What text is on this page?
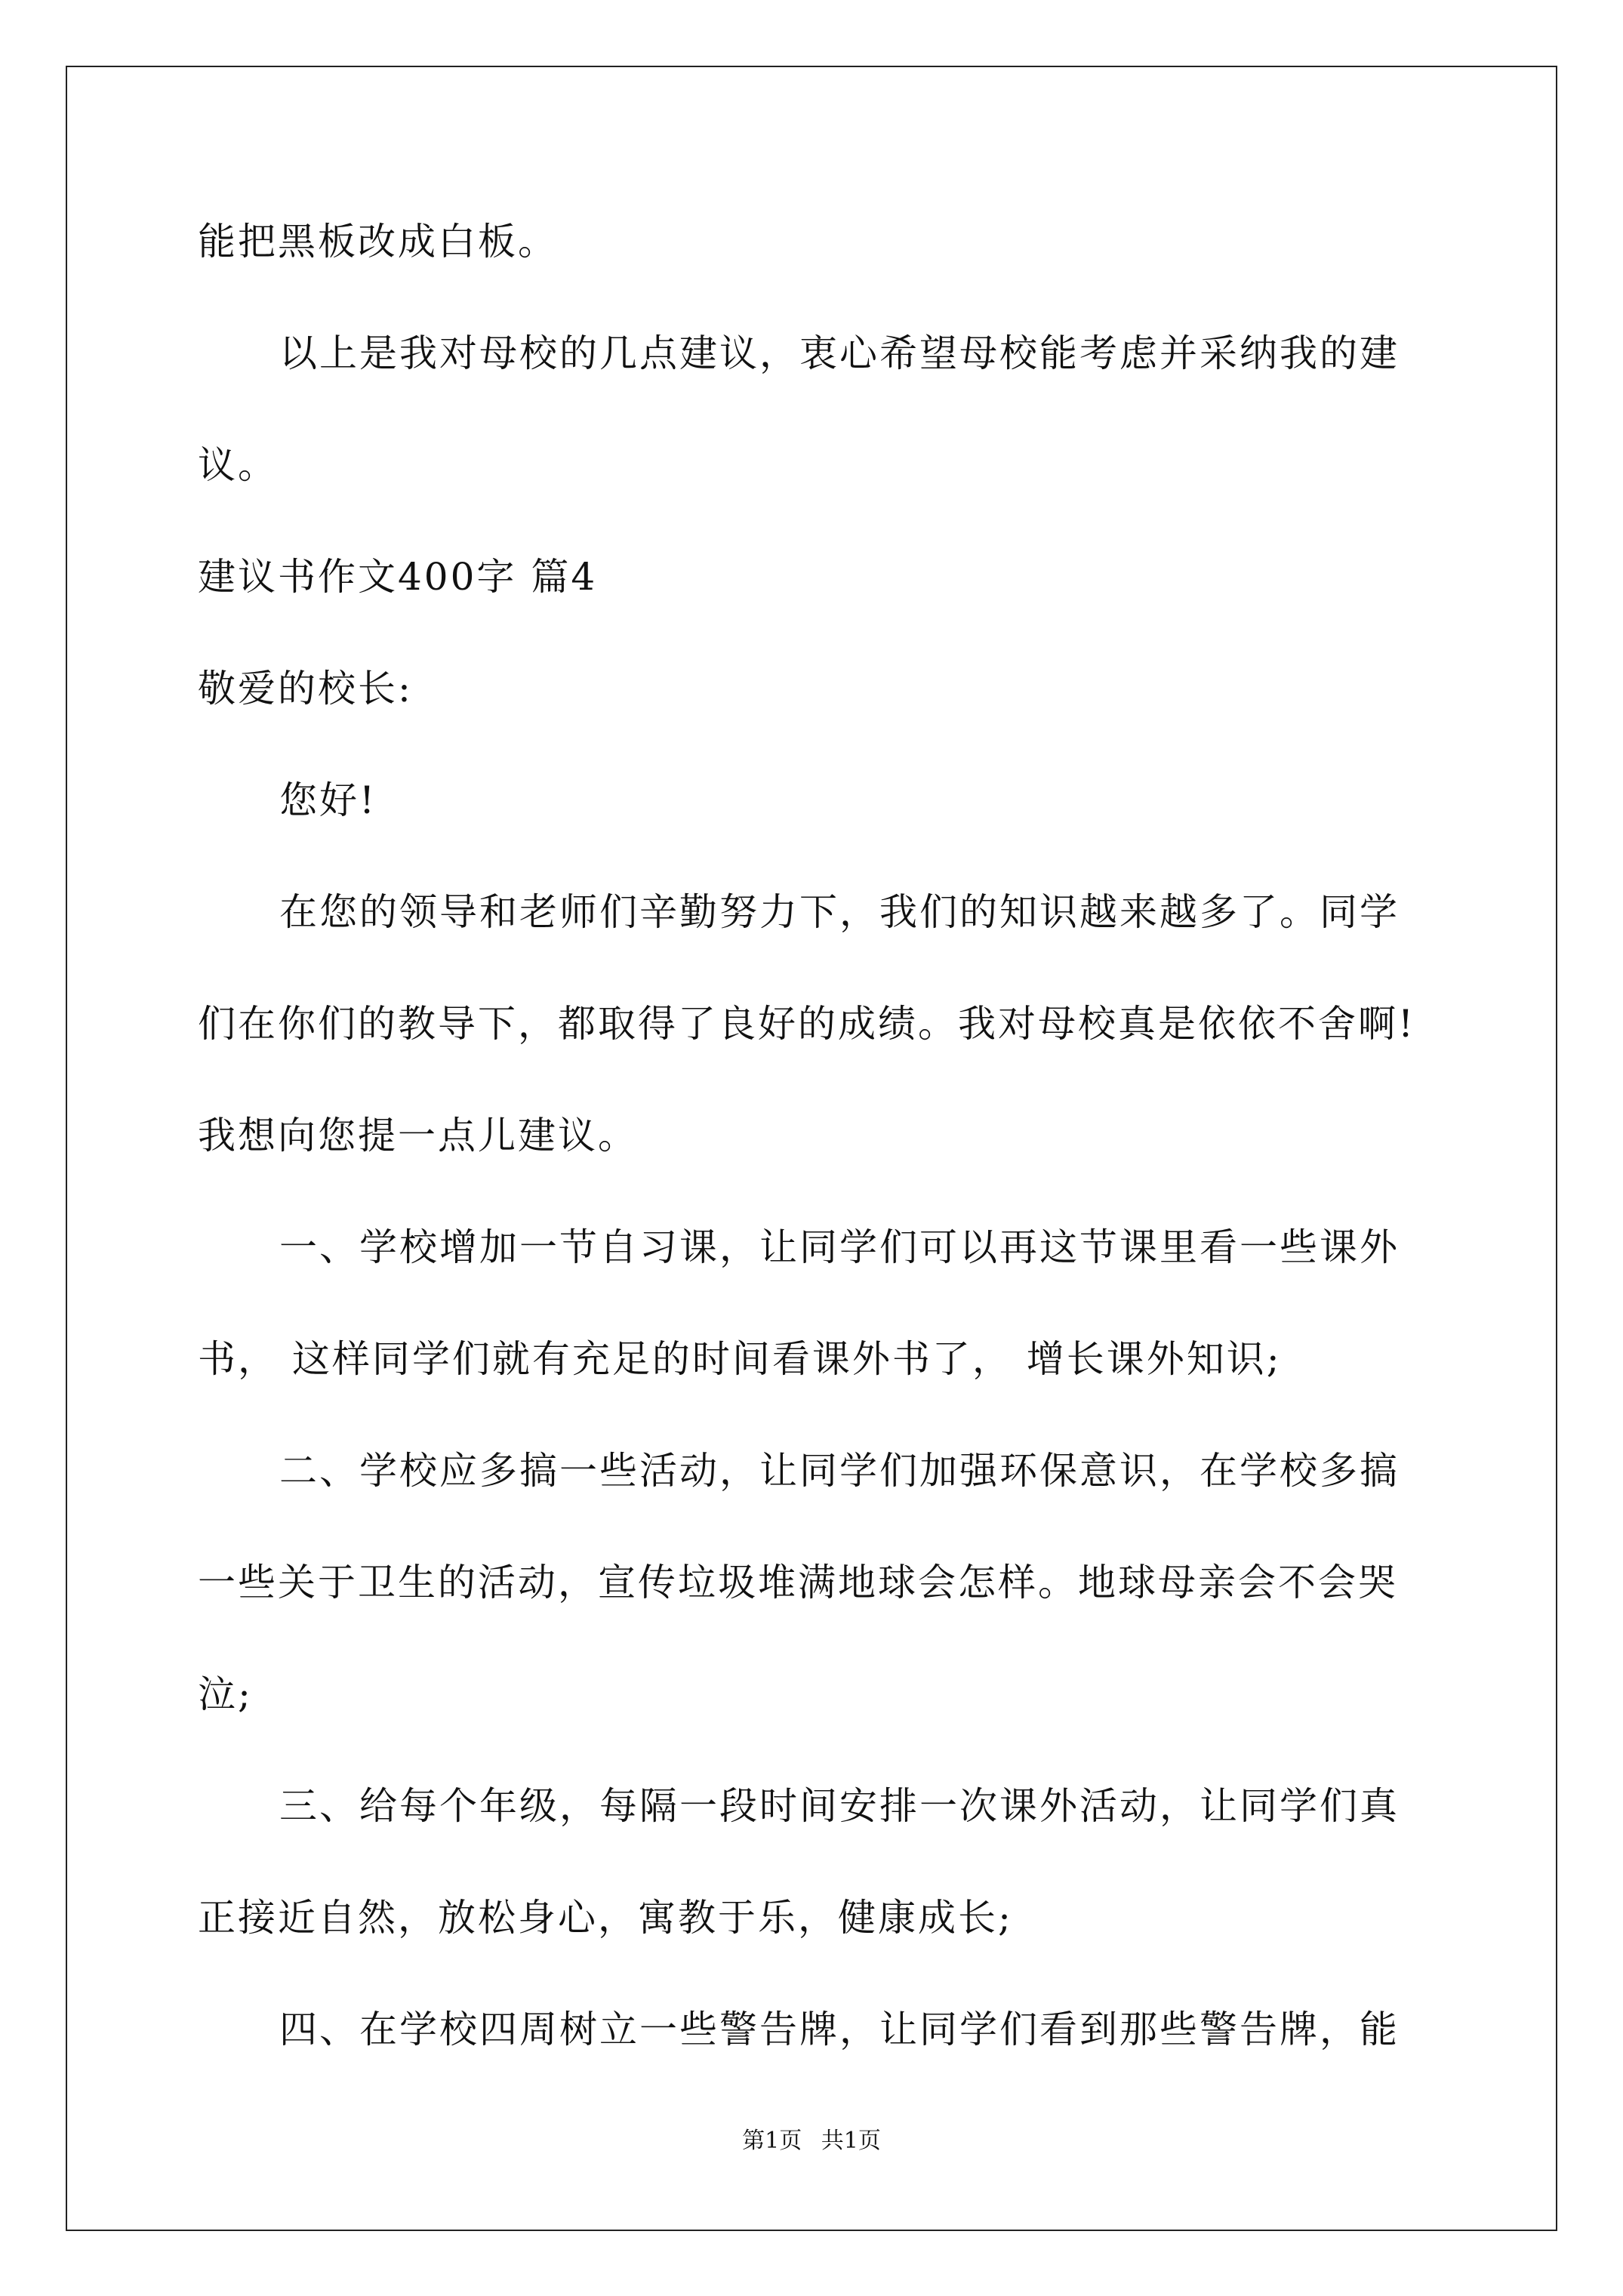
能把黑板改成白板。
以上是我对母校的几点建议，衷心希望母校能考虑并采纳我的建
议。
建议书作文400字 篇4
敬爱的校长:
您好!
在您的领导和老师们辛勤努力下，我们的知识越来越多了。同学
们在你们的教导下，都取得了良好的成绩。我对母校真是依依不舍啊!
我想向您提一点儿建议。
一、学校增加一节自习课，让同学们可以再这节课里看一些课外
书， 这样同学们就有充足的时间看课外书了， 增长课外知识;
二、学校应多搞一些活动，让同学们加强环保意识，在学校多搞
一些关于卫生的活动，宣传垃圾堆满地球会怎样。地球母亲会不会哭
泣;
三、给每个年级，每隔一段时间安排一次课外活动，让同学们真
正接近自然，放松身心，寓教于乐，健康成长;
四、在学校四周树立一些警告牌，让同学们看到那些警告牌，能
第1页 共1页
